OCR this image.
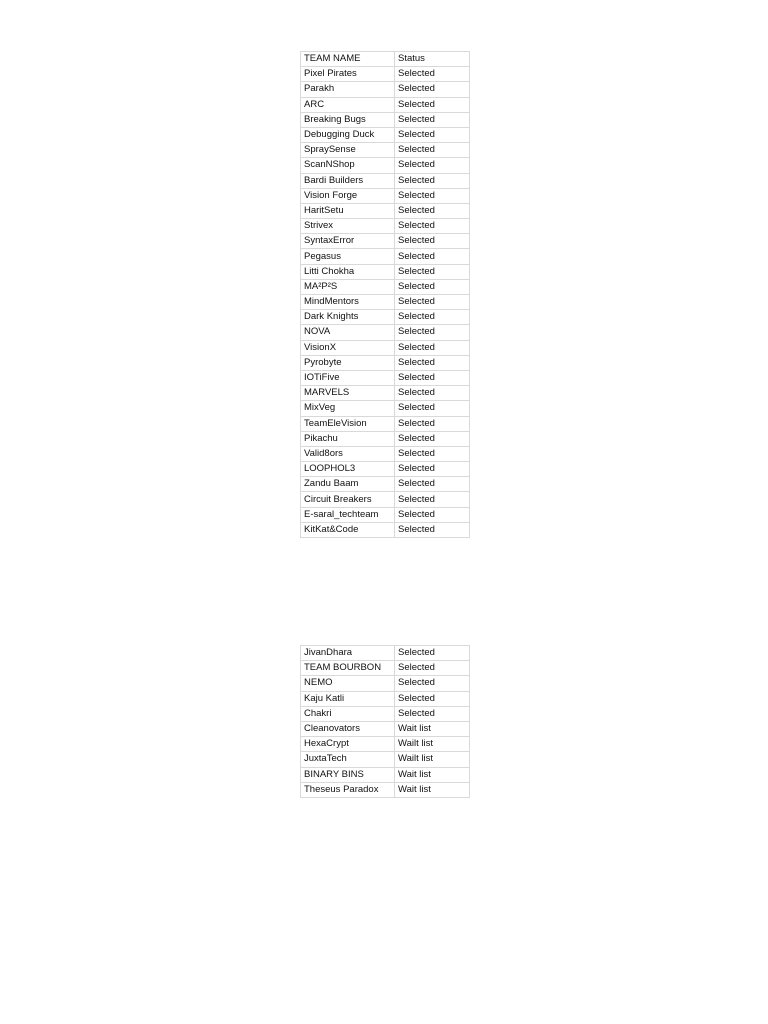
TEAM NAME	Status
Pixel Pirates	Selected
Parakh	Selected
ARC	Selected
Breaking Bugs	Selected
Debugging Duck	Selected
SpraySense	Selected
ScanNShop	Selected
Bardi Builders	Selected
Vision Forge	Selected
HaritSetu	Selected
Strivex	Selected
SyntaxError	Selected
Pegasus	Selected
Litti Chokha	Selected
MA²P²S	Selected
MindMentors	Selected
Dark Knights	Selected
NOVA	Selected
VisionX	Selected
Pyrobyte	Selected
IOTiFive	Selected
MARVELS	Selected
MixVeg	Selected
TeamEleVision	Selected
Pikachu	Selected
Valid8ors	Selected
LOOPHOL3	Selected
Zandu Baam	Selected
Circuit Breakers	Selected
E-saral_techteam	Selected
KitKat&Code	Selected
JivanDhara	Selected
TEAM BOURBON	Selected
NEMO	Selected
Kaju Katli	Selected
Chakri	Selected
Cleanovators	Wait list
HexaCrypt	Wailt list
JuxtaTech	Wailt list
BINARY BINS	Wait list
Theseus Paradox	Wait list
